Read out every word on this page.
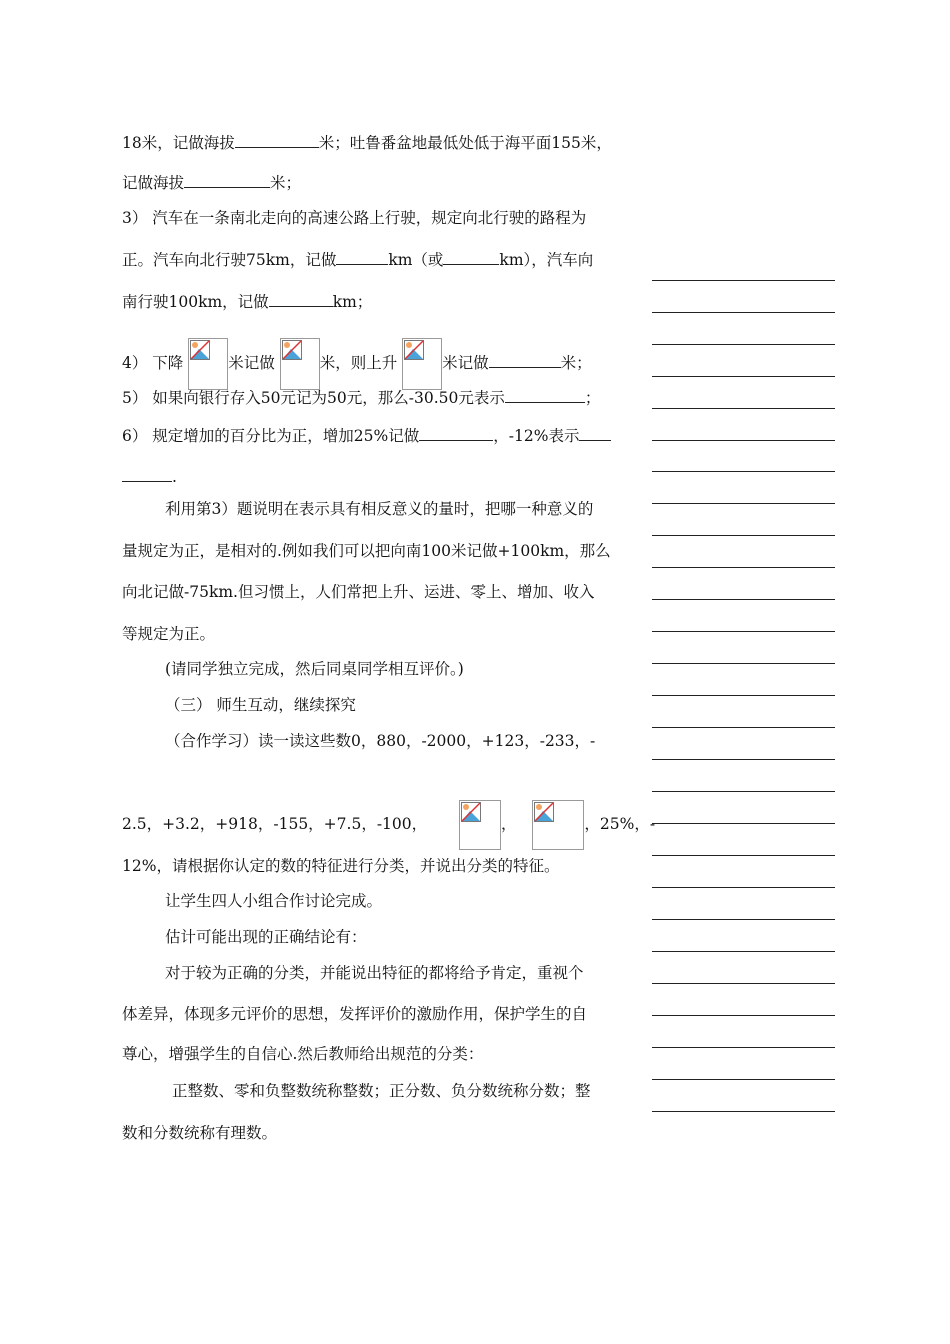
18米，记做海拔	米；吐鲁番盆地最低处低于海平面155米，
记做海拔	米；
3） 汽车在一条南北走向的高速公路上行驶，规定向北行驶的路程为
正。汽车向北行驶75km，记做	km（或	km），汽车向
南行驶100km，记做	km；
4） 下降	米记做	米，则上升	米记做	米；
5） 如果向银行存入50元记为50元，那么-30.50元表示	；
6） 规定增加的百分比为正，增加25%记做	，-12%表示
.
利用第3）题说明在表示具有相反意义的量时，把哪一种意义的
量规定为正，是相对的.例如我们可以把向南100米记做+100km，那么
向北记做-75km.但习惯上，人们常把上升、运进、零上、增加、收入
等规定为正。
(请同学独立完成，然后同桌同学相互评价。)
（三） 师生互动，继续探究
（合作学习）读一读这些数0，880，-2000，+123，-233，-
2.5，+3.2，+918，-155，+7.5，-100，	，	，25%，-
12%，请根据你认定的数的特征进行分类，并说出分类的特征。
让学生四人小组合作讨论完成。
估计可能出现的正确结论有：
对于较为正确的分类，并能说出特征的都将给予肯定，重视个
体差异，体现多元评价的思想，发挥评价的激励作用，保护学生的自
尊心，增强学生的自信心.然后教师给出规范的分类：
正整数、零和负整数统称整数；正分数、负分数统称分数；整
数和分数统称有理数。
